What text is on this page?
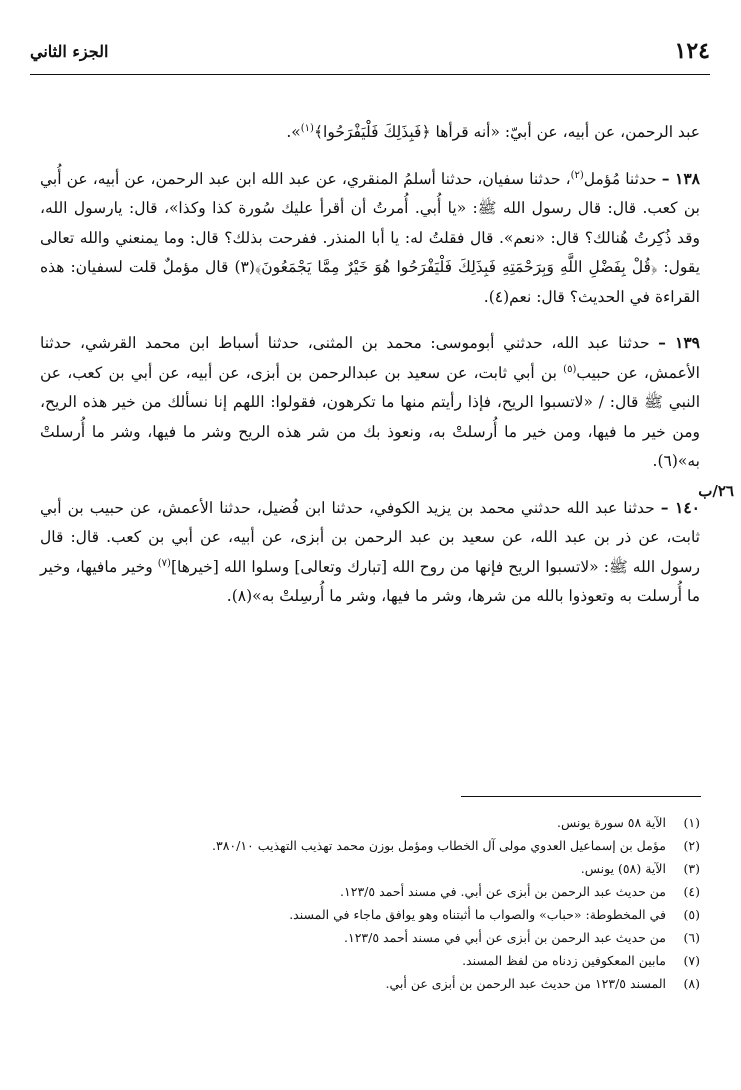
١٢٤
الجزء الثاني
٢٦/ب

عبد الرحمن، عن أبيه، عن أبيّ: «أنه قرأها ﴿فَبِذَلِكَ فَلْيَفْرَحُوا﴾$^{(١)}$».

١٣٨ – حدثنا مُؤمل$^{(٢)}$، حدثنا سفيان، حدثنا أسلمُ المنقري، عن عبد الله ابن عبد الرحمن، عن أبيه، عن أُبي بن كعب. قال: قال رسول الله ﷺ: «يا أُبي. أُمرتُ أن أقرأ عليك سُورة كذا وكذا»، قال: يارسول الله، وقد ذُكِرتُ هُنالك؟ قال: «نعم». قال فقلتُ له: يا أبا المنذر. ففرحت بذلك؟ قال: وما يمنعني والله تعالى يقول: ﴿قُلْ بِفَضْلِ اللَّهِ وَبِرَحْمَتِهِ فَبِذَلِكَ فَلْيَفْرَحُوا هُوَ خَيْرٌ مِمَّا يَجْمَعُونَ﴾(٣) قال مؤملٌ قلت لسفيان: هذه القراءة في الحديث؟ قال: نعم(٤).

١٣٩ – حدثنا عبد الله، حدثني أبوموسى: محمد بن المثنى، حدثنا أسباط ابن محمد القرشي، حدثنا الأعمش، عن حبيب$^{(٥)}$ بن أبي ثابت، عن سعيد بن عبدالرحمن بن أبزى، عن أبيه، عن أبي بن كعب، عن النبي ﷺ قال: / «لاتسبوا الريح، فإذا رأيتم منها ما تكرهون، فقولوا: اللهم إنا نسألك من خير هذه الريح، ومن خير ما فيها، ومن خير ما أُرسلتْ به، ونعوذ بك من شر هذه الريح وشر ما فيها، وشر ما أُرسلتْ به»(٦).

١٤٠ – حدثنا عبد الله حدثني محمد بن يزيد الكوفي، حدثنا ابن فُضيل، حدثنا الأعمش، عن حبيب بن أبي ثابت، عن ذر بن عبد الله، عن سعيد بن عبد الرحمن بن أبزى، عن أبيه، عن أبي بن كعب. قال: قال رسول الله ﷺ: «لاتسبوا الريح فإنها من روح الله [تبارك وتعالى] وسلوا الله [خيرها]$^{(٧)}$ وخير مافيها، وخير ما أُرسلت به وتعوذوا بالله من شرها، وشر ما فيها، وشر ما أُرسِلتْ به»(٨).

(١)
الآية ٥٨ سورة يونس.
(٢)
مؤمل بن إسماعيل العدوي مولى آل الخطاب ومؤمل بوزن محمد تهذيب التهذيب ٣٨٠/١٠.
(٣)
الآية (٥٨) يونس.
(٤)
من حديث عبد الرحمن بن أبزى عن أبي. في مسند أحمد ١٢٣/٥.
(٥)
في المخطوطة: «حباب» والصواب ما أثبتناه وهو يوافق ماجاء في المسند.
(٦)
من حديث عبد الرحمن بن أبزى عن أبي في مسند أحمد ١٢٣/٥.
(٧)
مابين المعكوفين زدناه من لفظ المسند.
(٨)
المسند ١٢٣/٥ من حديث عبد الرحمن بن أبزى عن أبي.
